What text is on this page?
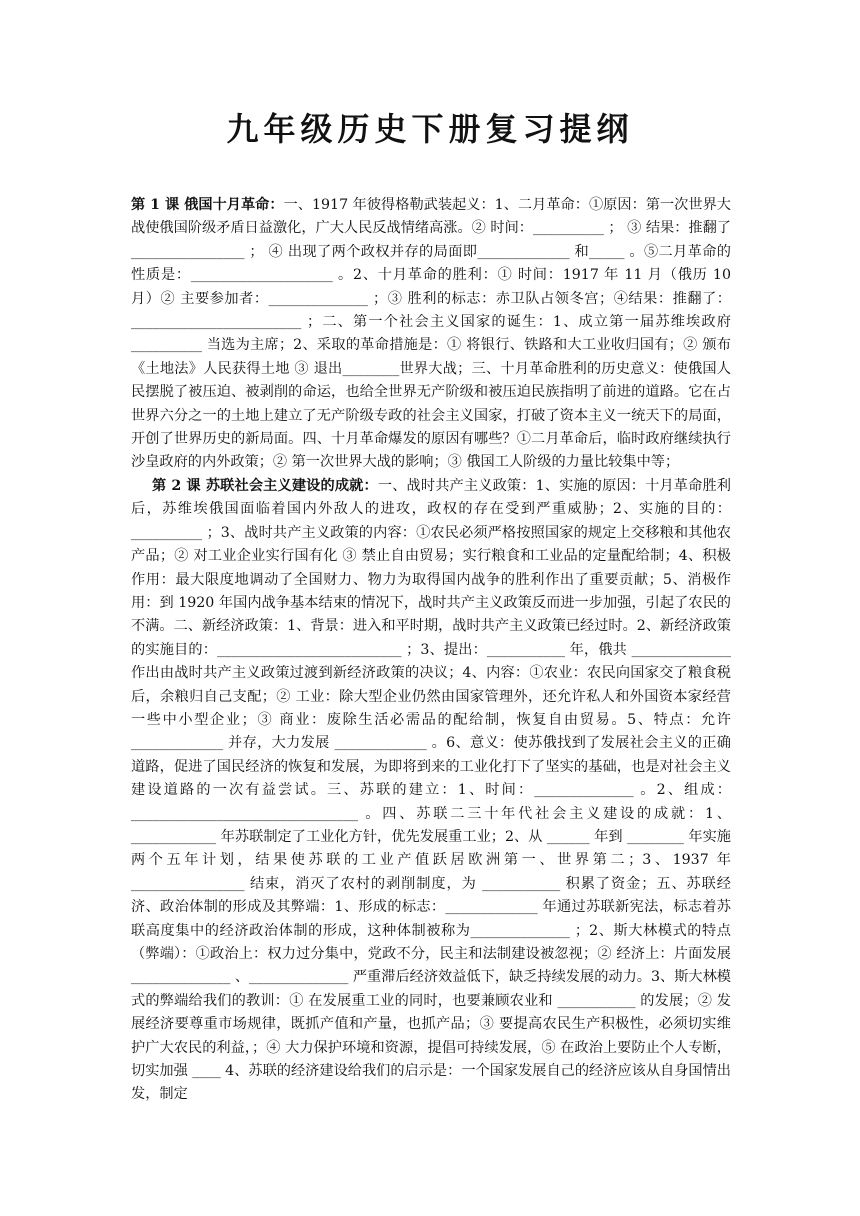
九年级历史下册复习提纲

第 1 课 俄国十月革命：一、1917 年彼得格勒武装起义：1、二月革命：①原因：第一次世界大战使俄国阶级矛盾日益激化，广大人民反战情绪高涨。② 时间：__________ ； ③ 结果：推翻了________________ ； ④ 出现了两个政权并存的局面即_____________ 和_____ 。⑤二月革命的性质是：____________________ 。2、十月革命的胜利：① 时间：1917 年 11 月（俄历 10 月）② 主要参加者：______________ ；③ 胜利的标志：赤卫队占领冬宫；④结果：推翻了：________________________ ；二、第一个社会主义国家的诞生：1、成立第一届苏维埃政府 __________ 当选为主席；2、采取的革命措施是：① 将银行、铁路和大工业收归国有；② 颁布《土地法》人民获得土地 ③ 退出________世界大战；三、十月革命胜利的历史意义：使俄国人民摆脱了被压迫、被剥削的命运，也给全世界无产阶级和被压迫民族指明了前进的道路。它在占世界六分之一的土地上建立了无产阶级专政的社会主义国家，打破了资本主义一统天下的局面，开创了世界历史的新局面。四、十月革命爆发的原因有哪些？①二月革命后，临时政府继续执行沙皇政府的内外政策；② 第一次世界大战的影响；③ 俄国工人阶级的力量比较集中等；

第 2 课 苏联社会主义建设的成就：一、战时共产主义政策：1、实施的原因：十月革命胜利后，苏维埃俄国面临着国内外敌人的进攻，政权的存在受到严重威胁；2、实施的目的：__________ ；3、战时共产主义政策的内容：①农民必须严格按照国家的规定上交移粮和其他农产品；② 对工业企业实行国有化 ③ 禁止自由贸易；实行粮食和工业品的定量配给制；4、积极作用：最大限度地调动了全国财力、物力为取得国内战争的胜利作出了重要贡献；5、消极作用：到 1920 年国内战争基本结束的情况下，战时共产主义政策反而进一步加强，引起了农民的不满。二、新经济政策：1、背景：进入和平时期，战时共产主义政策已经过时。2、新经济政策的实施目的：__________________________ ；3、提出：___________ 年，俄共 ______________ 作出由战时共产主义政策过渡到新经济政策的决议；4、内容：①农业：农民向国家交了粮食税后，余粮归自己支配；② 工业：除大型企业仍然由国家管理外，还允许私人和外国资本家经营一些中小型企业；③ 商业：废除生活必需品的配给制，恢复自由贸易。5、特点：允许_____________ 并存，大力发展 _____________ 。6、意义：使苏俄找到了发展社会主义的正确道路，促进了国民经济的恢复和发展，为即将到来的工业化打下了坚实的基础，也是对社会主义建设道路的一次有益尝试。三、苏联的建立：1、时间：______________ 。2、组成：________________________________ 。四、苏联二三十年代社会主义建设的成就：1、____________ 年苏联制定了工业化方针，优先发展重工业；2、从 ______ 年到 ________ 年实施两个五年计划，结果使苏联的工业产值跃居欧洲第一、世界第二；3、1937 年 ________________ 结束，消灭了农村的剥削制度，为 ___________ 积累了资金；五、苏联经济、政治体制的形成及其弊端：1、形成的标志：_____________ 年通过苏联新宪法，标志着苏联高度集中的经济政治体制的形成，这种体制被称为______________ ；2、斯大林模式的特点（弊端）：①政治上：权力过分集中，党政不分，民主和法制建设被忽视；② 经济上：片面发展______________ 、______________ 严重滞后经济效益低下，缺乏持续发展的动力。3、斯大林模式的弊端给我们的教训：① 在发展重工业的同时，也要兼顾农业和 ___________ 的发展；② 发展经济要尊重市场规律，既抓产值和产量，也抓产品；③ 要提高农民生产积极性，必须切实维护广大农民的利益，；④ 大力保护环境和资源，提倡可持续发展，⑤ 在政治上要防止个人专断，切实加强 ____ 4、苏联的经济建设给我们的启示是：一个国家发展自己的经济应该从自身国情出发，制定
